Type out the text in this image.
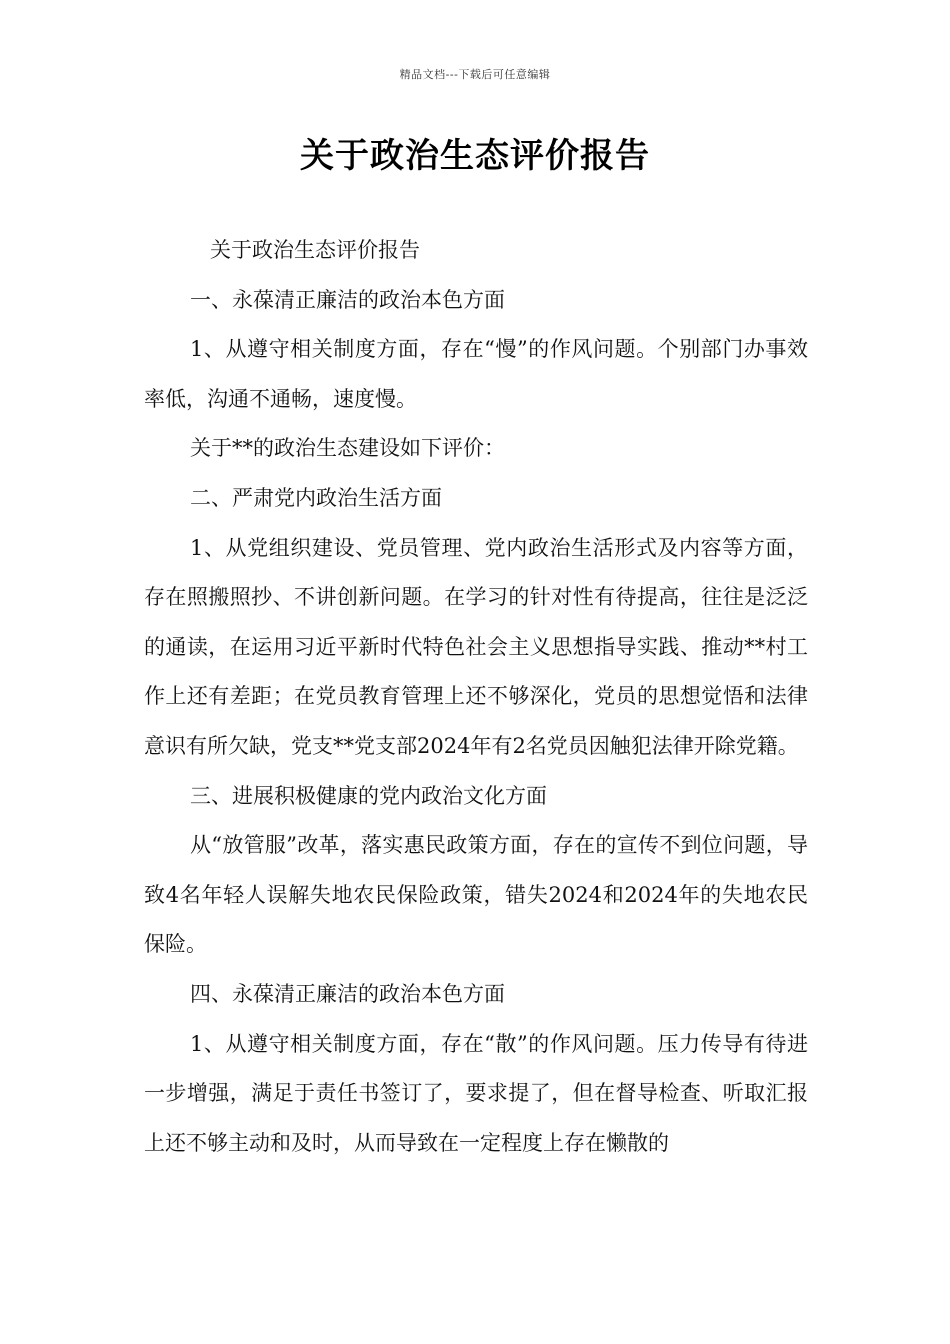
精品文档---下载后可任意编辑
关于政治生态评价报告

关于政治生态评价报告

一、永葆清正廉洁的政治本色方面

1、从遵守相关制度方面，存在“慢”的作风问题。个别部门办事效率低，沟通不通畅，速度慢。

关于**的政治生态建设如下评价：

二、严肃党内政治生活方面

1、从党组织建设、党员管理、党内政治生活形式及内容等方面，存在照搬照抄、不讲创新问题。在学习的针对性有待提高，往往是泛泛的通读，在运用习近平新时代特色社会主义思想指导实践、推动**村工作上还有差距；在党员教育管理上还不够深化，党员的思想觉悟和法律意识有所欠缺，党支**党支部2024年有2名党员因触犯法律开除党籍。

三、进展积极健康的党内政治文化方面

从“放管服”改革，落实惠民政策方面，存在的宣传不到位问题，导致4名年轻人误解失地农民保险政策，错失2024和2024年的失地农民保险。

四、永葆清正廉洁的政治本色方面

1、从遵守相关制度方面，存在“散”的作风问题。压力传导有待进一步增强，满足于责任书签订了，要求提了，但在督导检查、听取汇报上还不够主动和及时，从而导致在一定程度上存在懒散的
